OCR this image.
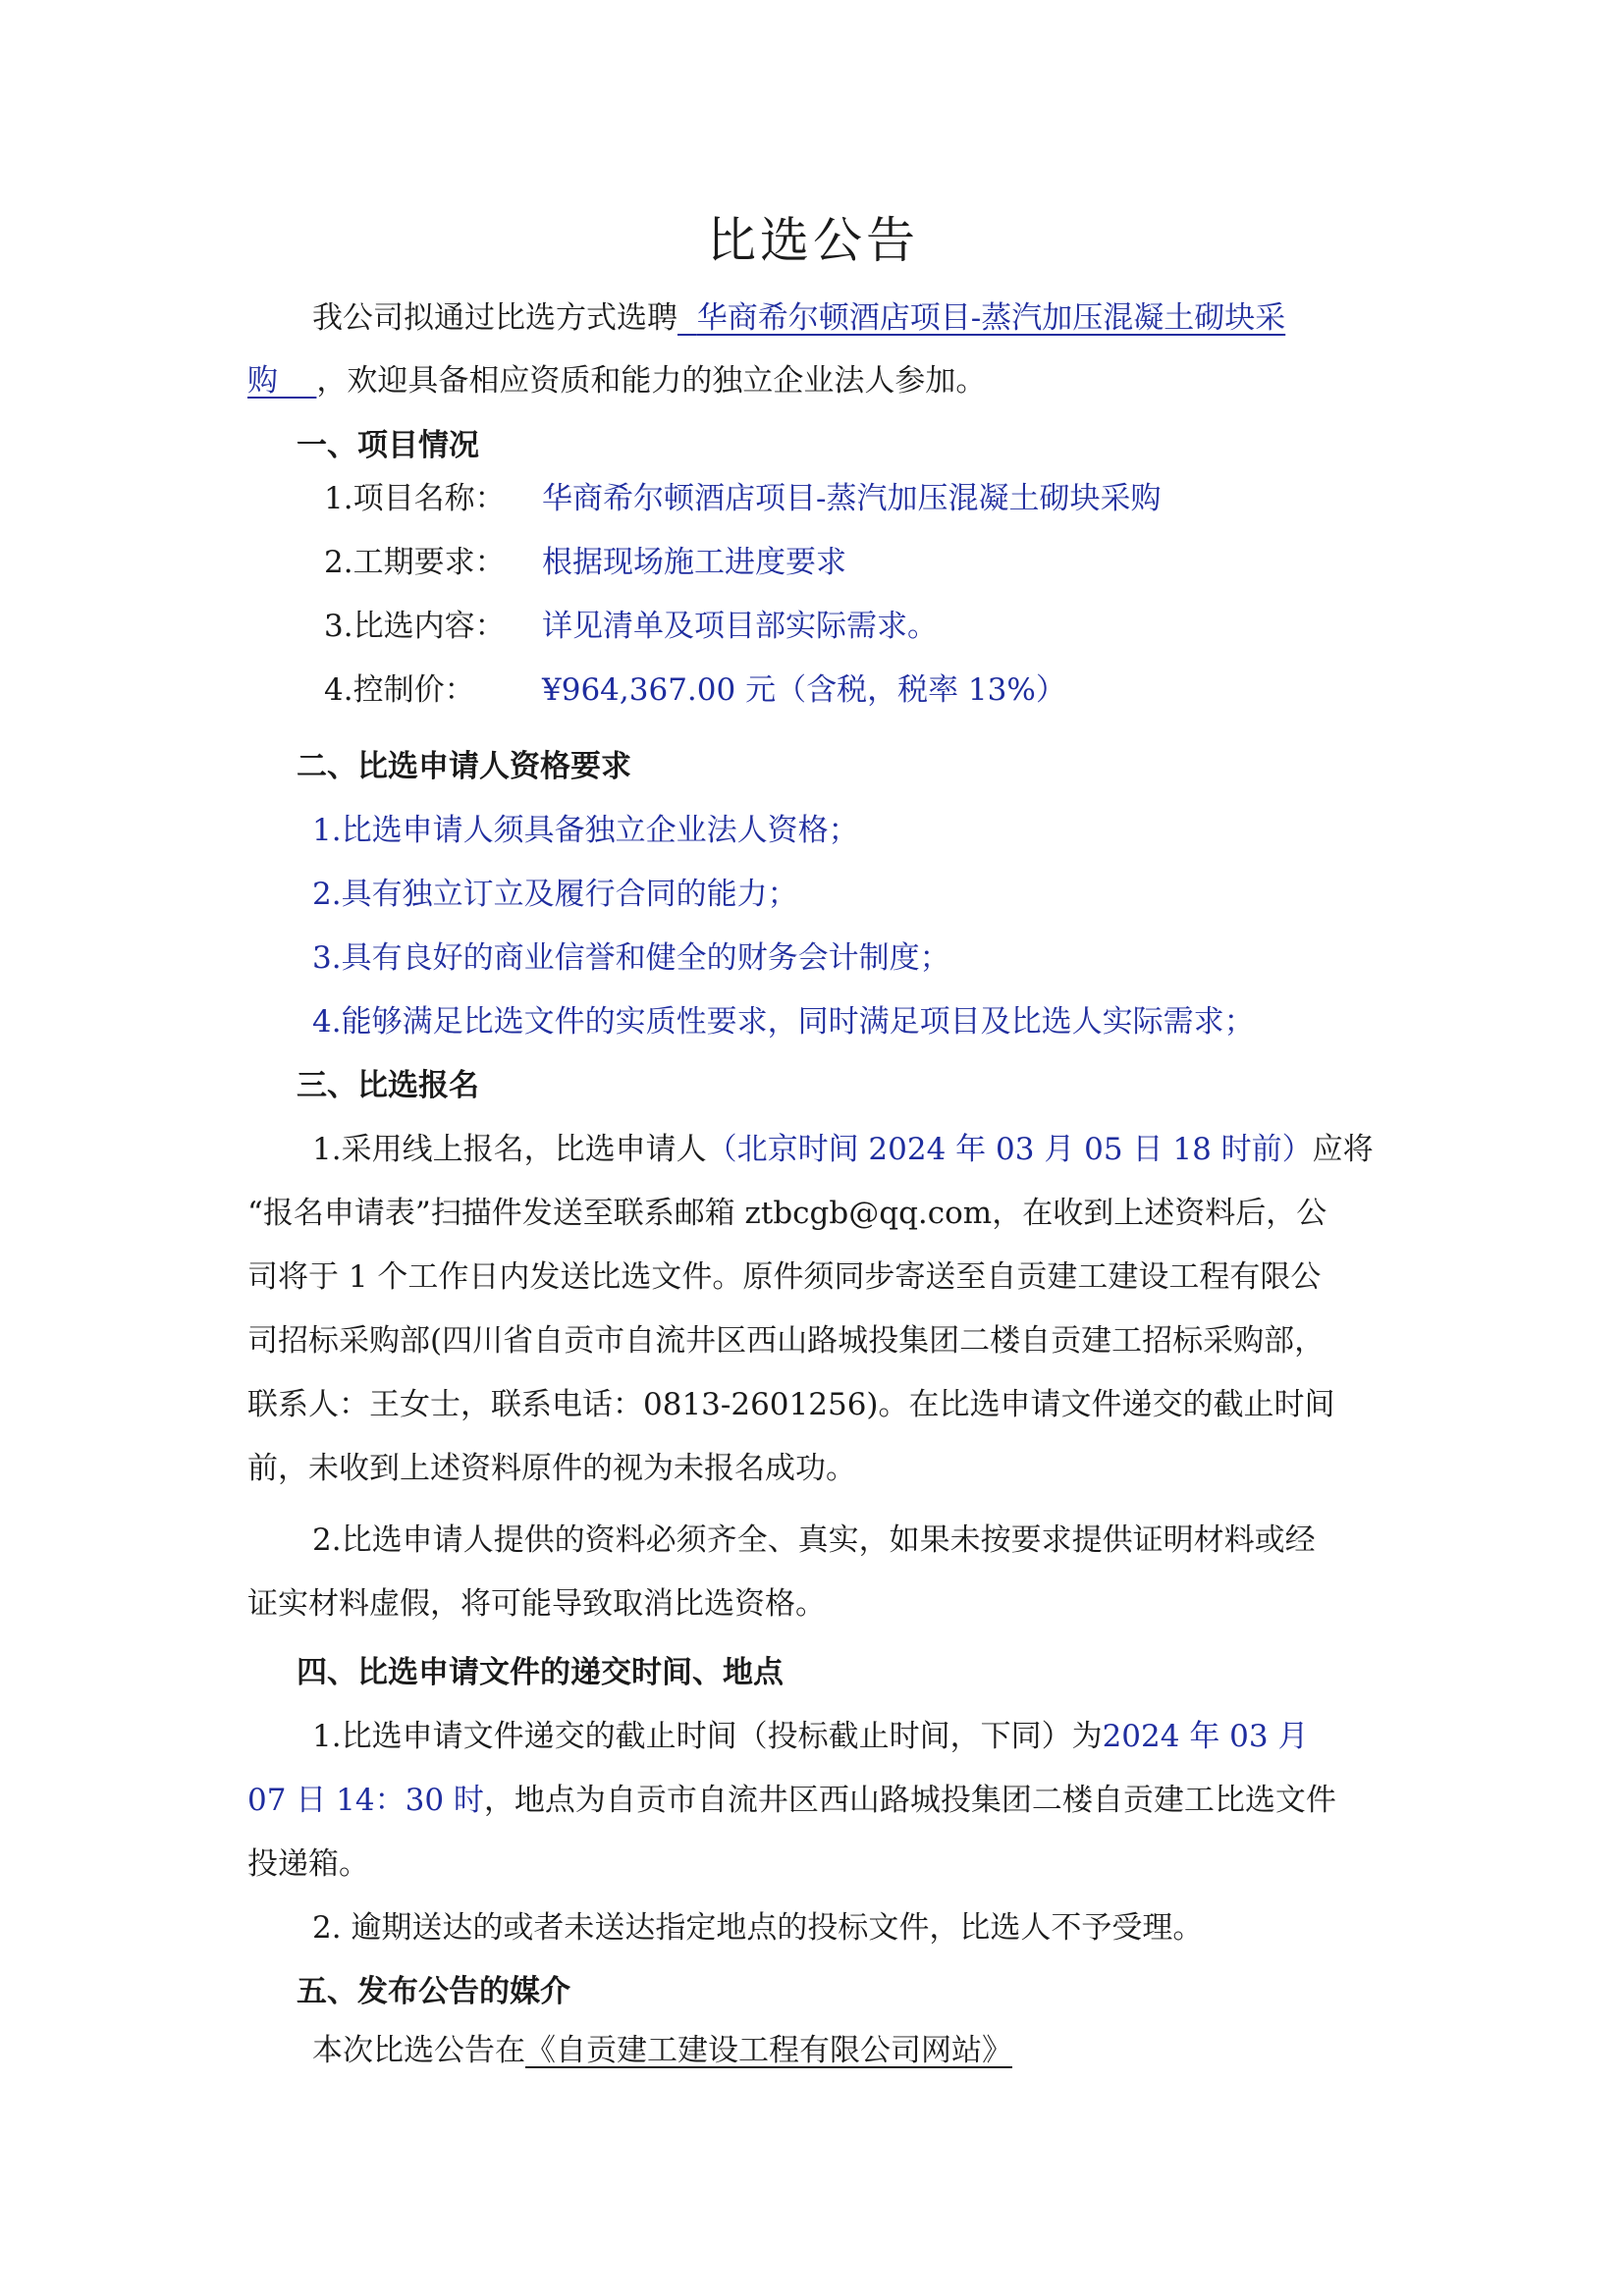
比选公告
我公司拟通过比选方式选聘 华商希尔顿酒店项目-蒸汽加压混凝土砌块采
购 ，欢迎具备相应资质和能力的独立企业法人参加。
一、项目情况
1.项目名称： 华商希尔顿酒店项目-蒸汽加压混凝土砌块采购
2.工期要求： 根据现场施工进度要求
3.比选内容： 详见清单及项目部实际需求。
4.控制价： ¥964,367.00 元（含税，税率 13%）
二、比选申请人资格要求
1.比选申请人须具备独立企业法人资格；
2.具有独立订立及履行合同的能力；
3.具有良好的商业信誉和健全的财务会计制度；
4.能够满足比选文件的实质性要求，同时满足项目及比选人实际需求；
三、比选报名
1.采用线上报名，比选申请人（北京时间 2024 年 03 月 05 日 18 时前）应将
“报名申请表”扫描件发送至联系邮箱 ztbcgb@qq.com，在收到上述资料后，公
司将于 1 个工作日内发送比选文件。原件须同步寄送至自贡建工建设工程有限公
司招标采购部(四川省自贡市自流井区西山路城投集团二楼自贡建工招标采购部，
联系人：王女士，联系电话：0813-2601256)。在比选申请文件递交的截止时间
前，未收到上述资料原件的视为未报名成功。
2.比选申请人提供的资料必须齐全、真实，如果未按要求提供证明材料或经
证实材料虚假，将可能导致取消比选资格。
四、比选申请文件的递交时间、地点
1.比选申请文件递交的截止时间（投标截止时间，下同）为2024 年 03 月
07 日 14：30 时，地点为自贡市自流井区西山路城投集团二楼自贡建工比选文件
投递箱。
2. 逾期送达的或者未送达指定地点的投标文件，比选人不予受理。
五、发布公告的媒介
本次比选公告在《自贡建工建设工程有限公司网站》
